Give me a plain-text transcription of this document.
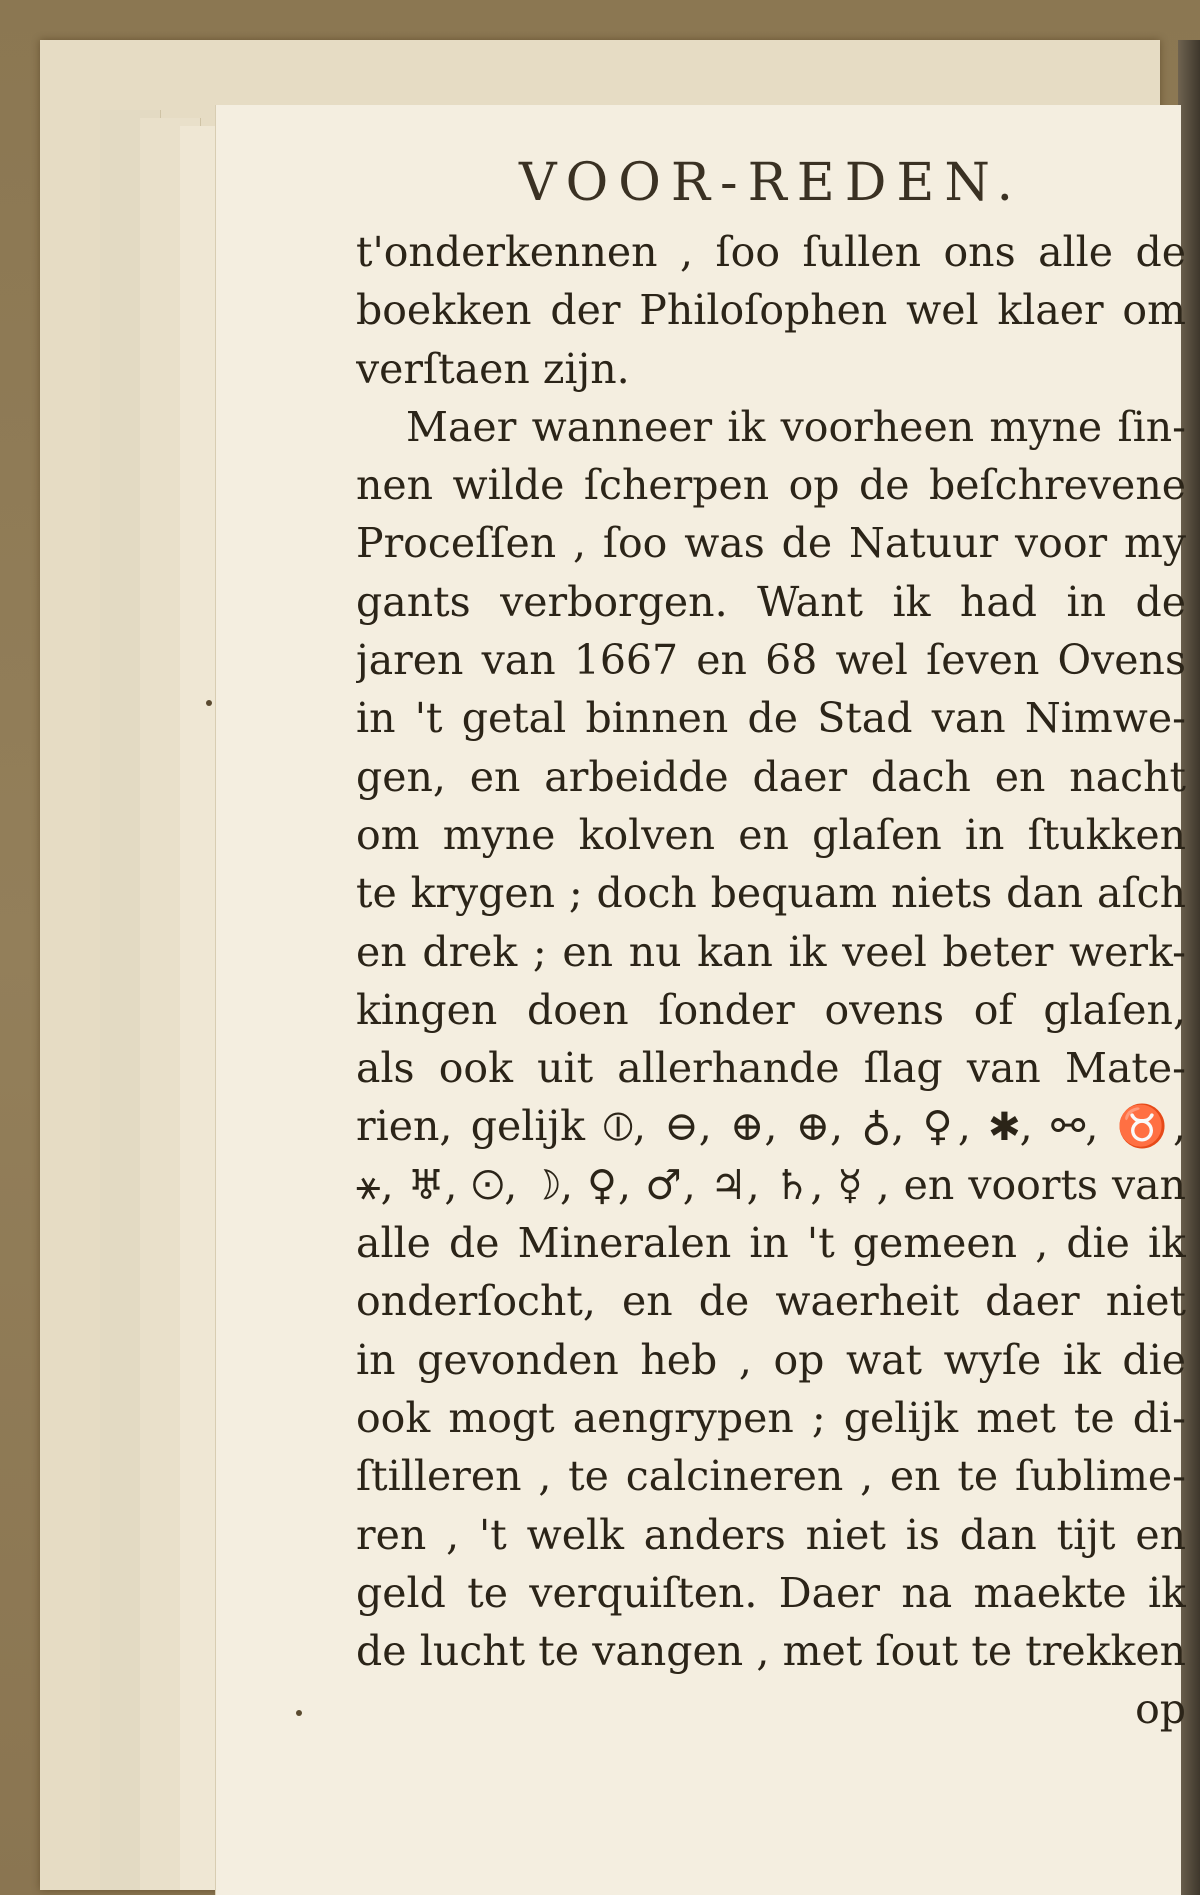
VOOR-REDEN.
t'onderkennen , ſoo ſullen ons alle de
boekken der Philoſophen wel klaer om
verſtaen zijn.
Maer wanneer ik voorheen myne ſin-
nen wilde ſcherpen op de beſchrevene
Proceſſen , ſoo was de Natuur voor my
gants verborgen. Want ik had in de
jaren van 1667 en 68 wel ſeven Ovens
in 't getal binnen de Stad van Nimwe-
gen, en arbeidde daer dach en nacht
om myne kolven en glaſen in ſtukken
te krygen ; doch bequam niets dan aſch
en drek ; en nu kan ik veel beter werk-
kingen doen ſonder ovens of glaſen,
als ook uit allerhande ſlag van Mate-
rien, gelijk ⦶, ⊖, ⊕, ⊕, ♁, ♀, ✱, ⚯, ♉,
⚹, ♅, ☉, ☽, ♀, ♂, ♃, ♄, ☿ , en voorts van
alle de Mineralen in 't gemeen , die ik
onderſocht, en de waerheit daer niet
in gevonden heb , op wat wyſe ik die
ook mogt aengrypen ; gelijk met te di-
ſtilleren , te calcineren , en te ſublime-
ren , 't welk anders niet is dan tijt en
geld te verquiſten. Daer na maekte ik
de lucht te vangen , met ſout te trekken
op
